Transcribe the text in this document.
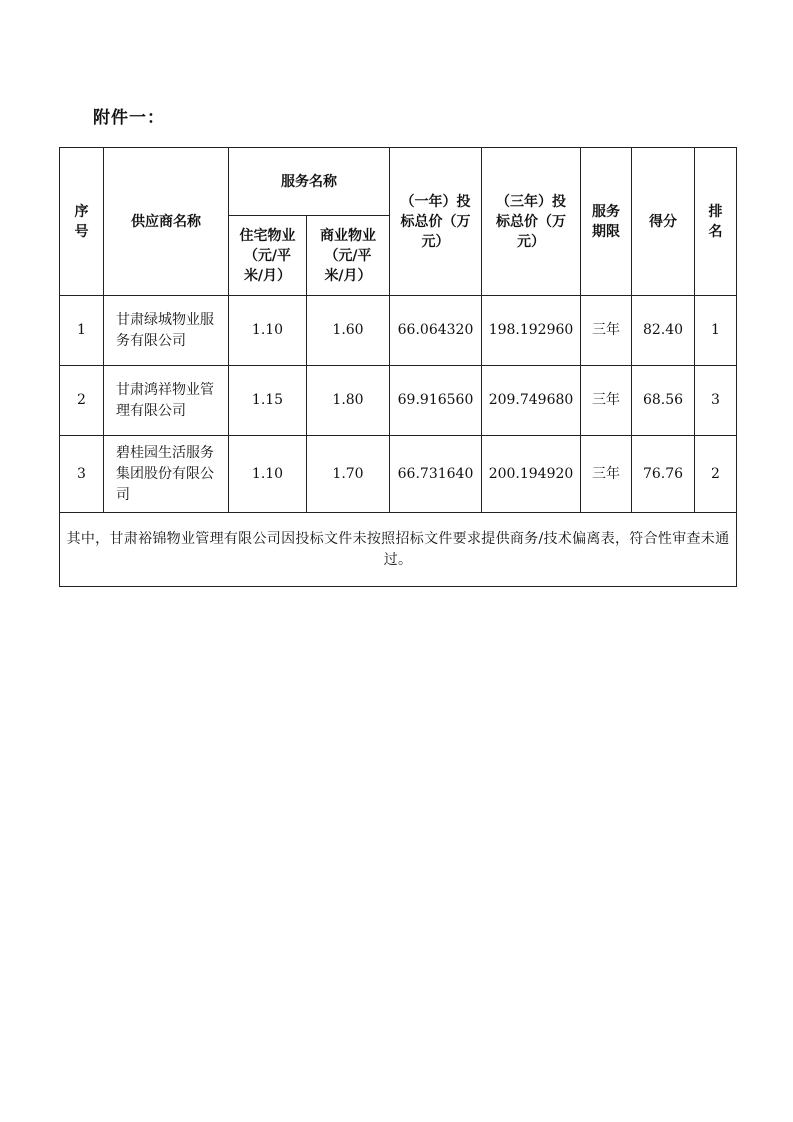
附件一：
序号	供应商名称	服务名称		（一年）投标总价（万元）	（三年）投标总价（万元）	服务期限	得分	排名

		住宅物业（元/平米/月）	商业物业（元/平米/月）					

1	甘肃绿城物业服务有限公司	1.10	1.60	66.064320	198.192960	三年	82.40	1
2	甘肃鸿祥物业管理有限公司	1.15	1.80	69.916560	209.749680	三年	68.56	3
3	碧桂园生活服务集团股份有限公司	1.10	1.70	66.731640	200.194920	三年	76.76	2
其中，甘肃裕锦物业管理有限公司因投标文件未按照招标文件要求提供商务/技术偏离表，符合性审查未通过。								
